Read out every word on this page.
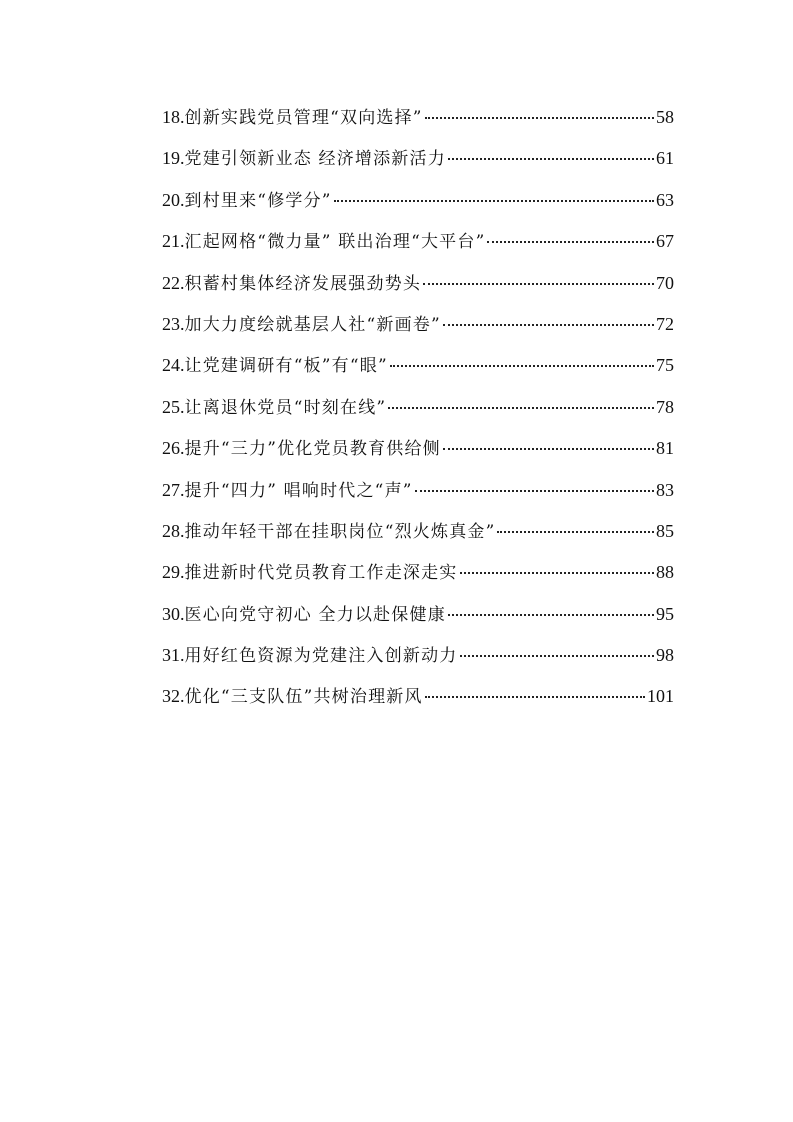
18. 创新实践党员管理“双向选择”	58
19. 党建引领新业态 经济增添新活力	61
20. 到村里来“修学分”	63
21. 汇起网格“微力量” 联出治理“大平台”	67
22. 积蓄村集体经济发展强劲势头	70
23. 加大力度绘就基层人社“新画卷”	72
24. 让党建调研有“板”有“眼”	75
25. 让离退休党员“时刻在线”	78
26. 提升“三力”优化党员教育供给侧	81
27. 提升“四力” 唱响时代之“声”	83
28. 推动年轻干部在挂职岗位“烈火炼真金”	85
29. 推进新时代党员教育工作走深走实	88
30. 医心向党守初心 全力以赴保健康	95
31. 用好红色资源为党建注入创新动力	98
32. 优化“三支队伍”共树治理新风	101
